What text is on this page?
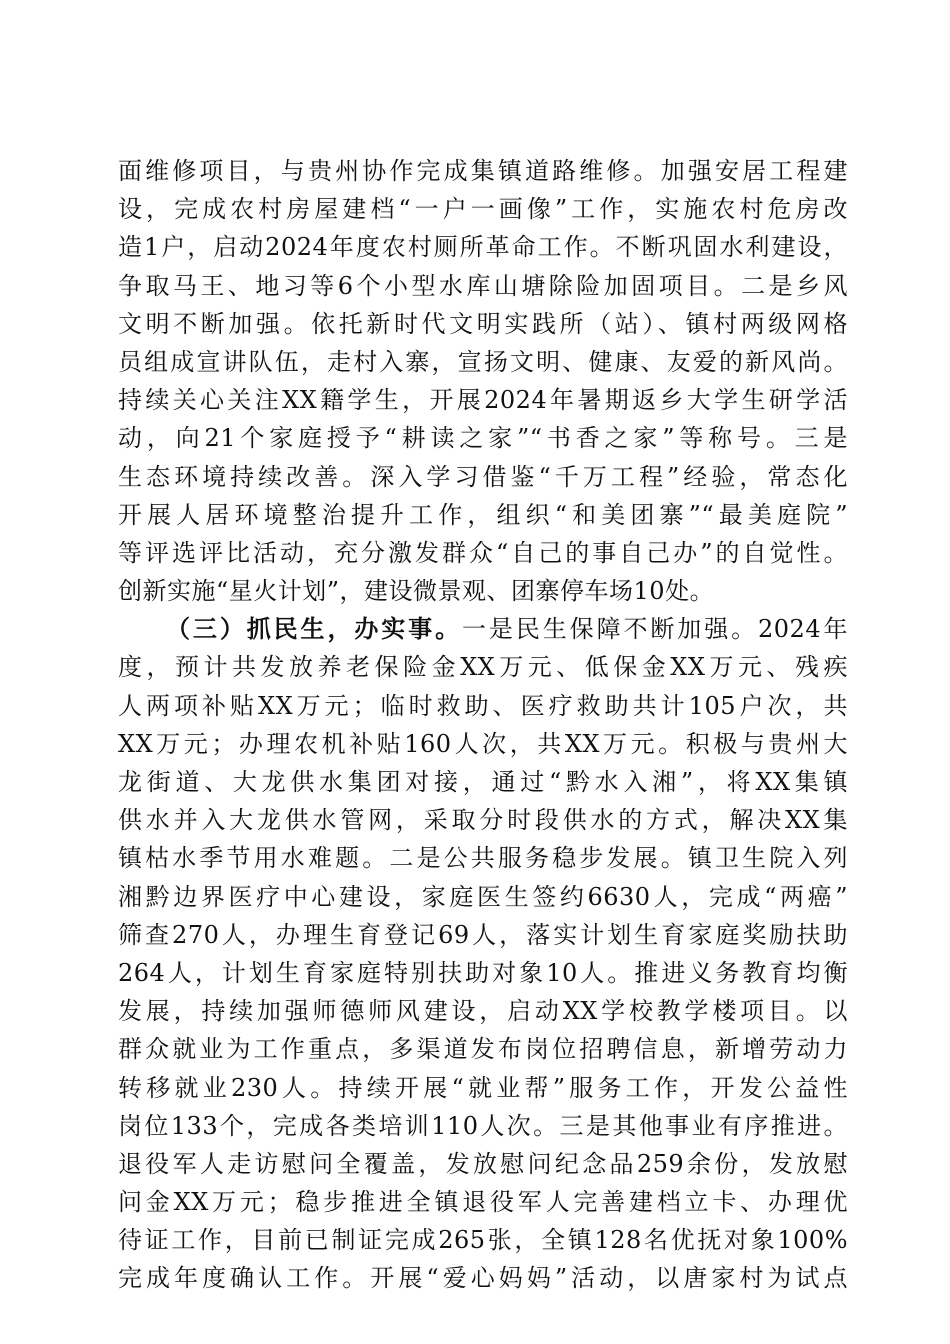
面维修项目，与贵州协作完成集镇道路维修。加强安居工程建
设，完成农村房屋建档“一户一画像”工作，实施农村危房改
造1户，启动2024年度农村厕所革命工作。不断巩固水利建设，
争取马王、地习等6个小型水库山塘除险加固项目。二是乡风
文明不断加强。依托新时代文明实践所（站）、镇村两级网格
员组成宣讲队伍，走村入寨，宣扬文明、健康、友爱的新风尚。
持续关心关注XX籍学生，开展2024年暑期返乡大学生研学活
动，向21个家庭授予“耕读之家”“书香之家”等称号。三是
生态环境持续改善。深入学习借鉴“千万工程”经验，常态化
开展人居环境整治提升工作，组织“和美团寨”“最美庭院”
等评选评比活动，充分激发群众“自己的事自己办”的自觉性。
创新实施“星火计划”，建设微景观、团寨停车场10处。
（三）抓民生，办实事。一是民生保障不断加强。2024年
度，预计共发放养老保险金XX万元、低保金XX万元、残疾
人两项补贴XX万元；临时救助、医疗救助共计105户次，共
XX万元；办理农机补贴160人次，共XX万元。积极与贵州大
龙街道、大龙供水集团对接，通过“黔水入湘”，将XX集镇
供水并入大龙供水管网，采取分时段供水的方式，解决XX集
镇枯水季节用水难题。二是公共服务稳步发展。镇卫生院入列
湘黔边界医疗中心建设，家庭医生签约6630人，完成“两癌”
筛查270人，办理生育登记69人，落实计划生育家庭奖励扶助
264人，计划生育家庭特别扶助对象10人。推进义务教育均衡
发展，持续加强师德师风建设，启动XX学校教学楼项目。以
群众就业为工作重点，多渠道发布岗位招聘信息，新增劳动力
转移就业230人。持续开展“就业帮”服务工作，开发公益性
岗位133个，完成各类培训110人次。三是其他事业有序推进。
退役军人走访慰问全覆盖，发放慰问纪念品259余份，发放慰
问金XX万元；稳步推进全镇退役军人完善建档立卡、办理优
待证工作，目前已制证完成265张，全镇128名优抚对象100%
完成年度确认工作。开展“爱心妈妈”活动，以唐家村为试点
